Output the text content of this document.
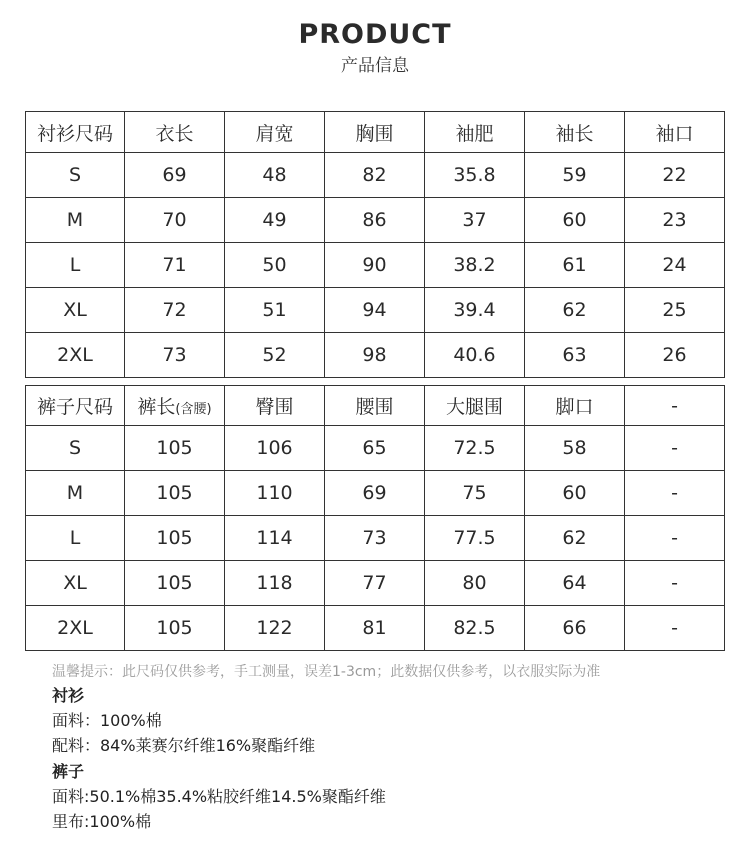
PRODUCT
产品信息
衬衫尺码	衣长	肩宽	胸围	袖肥	袖长	袖口
S	69	48	82	35.8	59	22
M	70	49	86	37	60	23
L	71	50	90	38.2	61	24
XL	72	51	94	39.4	62	25
2XL	73	52	98	40.6	63	26
裤子尺码	裤长(含腰)	臀围	腰围	大腿围	脚口	-
S	105	106	65	72.5	58	-
M	105	110	69	75	60	-
L	105	114	73	77.5	62	-
XL	105	118	77	80	64	-
2XL	105	122	81	82.5	66	-
温馨提示：此尺码仅供参考，手工测量，误差1-3cm；此数据仅供参考，以衣服实际为准
衬衫
面料：100%棉
配料：84%莱赛尔纤维16%聚酯纤维
裤子
面料:50.1%棉35.4%粘胶纤维14.5%聚酯纤维
里布:100%棉
